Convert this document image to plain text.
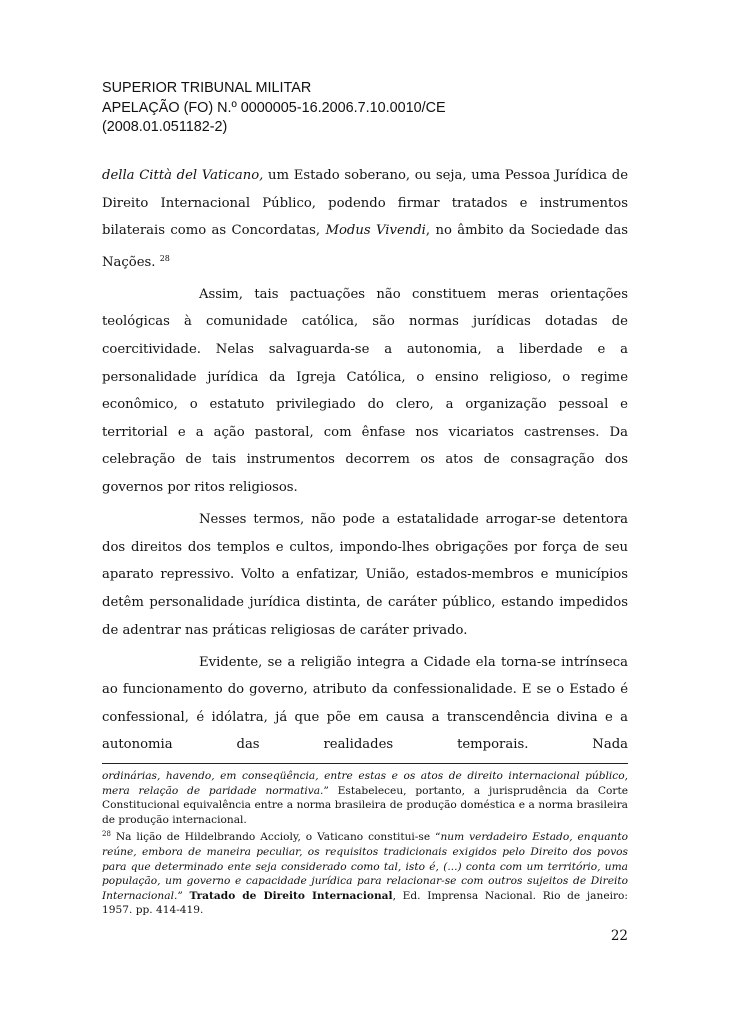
SUPERIOR TRIBUNAL MILITAR
APELAÇÃO (FO) N.º 0000005-16.2006.7.10.0010/CE
(2008.01.051182-2)

della Città del Vaticano, um Estado soberano, ou seja, uma Pessoa Jurídica de Direito Internacional Público, podendo firmar tratados e instrumentos bilaterais como as Concordatas, Modus Vivendi, no âmbito da Sociedade das Nações. $^{28}$

Assim, tais pactuações não constituem meras orientações teológicas à comunidade católica, são normas jurídicas dotadas de coercitividade. Nelas salvaguarda-se a autonomia, a liberdade e a personalidade jurídica da Igreja Católica, o ensino religioso, o regime econômico, o estatuto privilegiado do clero, a organização pessoal e territorial e a ação pastoral, com ênfase nos vicariatos castrenses. Da celebração de tais instrumentos decorrem os atos de consagração dos governos por ritos religiosos.

Nesses termos, não pode a estatalidade arrogar-se detentora dos direitos dos templos e cultos, impondo-lhes obrigações por força de seu aparato repressivo. Volto a enfatizar, União, estados-membros e municípios detêm personalidade jurídica distinta, de caráter público, estando impedidos de adentrar nas práticas religiosas de caráter privado.

Evidente, se a religião integra a Cidade ela torna-se intrínseca ao funcionamento do governo, atributo da confessionalidade. E se o Estado é confessional, é idólatra, já que põe em causa a transcendência divina e a autonomia das realidades temporais. Nada

ordinárias, havendo, em conseqüência, entre estas e os atos de direito internacional público, mera relação de paridade normativa.” Estabeleceu, portanto, a jurisprudência da Corte Constitucional equivalência entre a norma brasileira de produção doméstica e a norma brasileira de produção internacional.

$^{28}$ Na lição de Hildelbrando Accioly, o Vaticano constitui-se “num verdadeiro Estado, enquanto reúne, embora de maneira peculiar, os requisitos tradicionais exigidos pelo Direito dos povos para que determinado ente seja considerado como tal, isto é, (...) conta com um território, uma população, um governo e capacidade jurídica para relacionar-se com outros sujeitos de Direito Internacional.” Tratado de Direito Internacional, Ed. Imprensa Nacional. Rio de janeiro: 1957. pp. 414-419.

22
